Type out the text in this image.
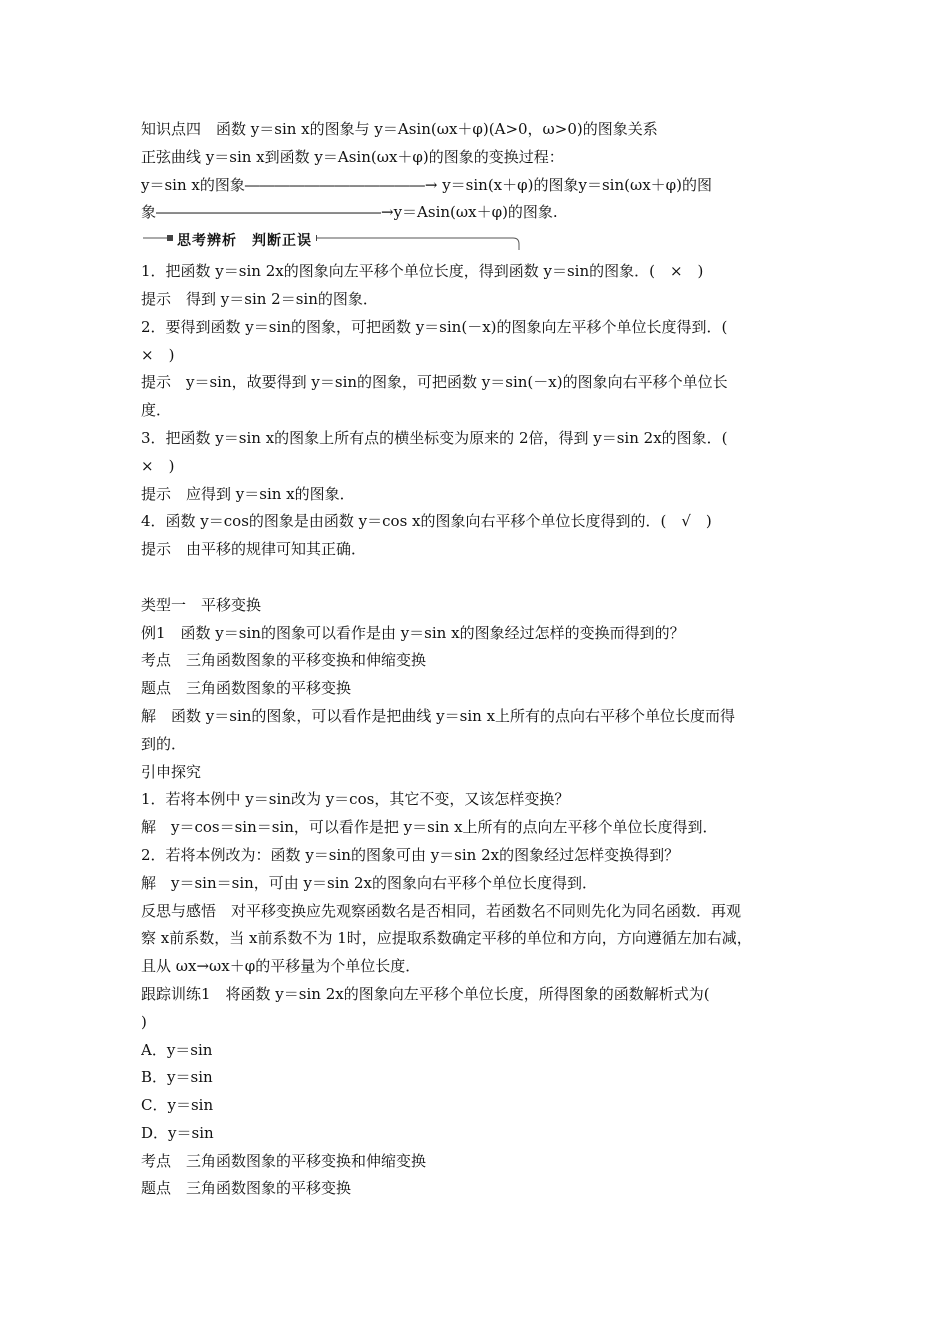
知识点四　函数 y＝sin x的图象与 y＝Asin(ωx＋φ)(A>0，ω>0)的图象关系
正弦曲线 y＝sin x到函数 y＝Asin(ωx＋φ)的图象的变换过程：
y＝sin x的图象――――――――――――→ y＝sin(x＋φ)的图象y＝sin(ωx＋φ)的图
象―――――――――――――――→y＝Asin(ωx＋φ)的图象.
思考辨析　判断正误
1．把函数 y＝sin 2x的图象向左平移个单位长度，得到函数 y＝sin的图象．(　×　)
提示　得到 y＝sin 2＝sin的图象．
2．要得到函数 y＝sin的图象，可把函数 y＝sin(－x)的图象向左平移个单位长度得到．(
×　)
提示　y＝sin，故要得到 y＝sin的图象，可把函数 y＝sin(－x)的图象向右平移个单位长
度．
3．把函数 y＝sin x的图象上所有点的横坐标变为原来的 2倍，得到 y＝sin 2x的图象．(
×　)
提示　应得到 y＝sin x的图象．
4．函数 y＝cos的图象是由函数 y＝cos x的图象向右平移个单位长度得到的．(　√　)
提示　由平移的规律可知其正确．
类型一　平移变换
例1　函数 y＝sin的图象可以看作是由 y＝sin x的图象经过怎样的变换而得到的？
考点　三角函数图象的平移变换和伸缩变换
题点　三角函数图象的平移变换
解　函数 y＝sin的图象，可以看作是把曲线 y＝sin x上所有的点向右平移个单位长度而得
到的．
引申探究
1．若将本例中 y＝sin改为 y＝cos，其它不变，又该怎样变换？
解　y＝cos＝sin＝sin，可以看作是把 y＝sin x上所有的点向左平移个单位长度得到．
2．若将本例改为：函数 y＝sin的图象可由 y＝sin 2x的图象经过怎样变换得到？
解　y＝sin＝sin，可由 y＝sin 2x的图象向右平移个单位长度得到．
反思与感悟　对平移变换应先观察函数名是否相同，若函数名不同则先化为同名函数．再观
察 x前系数，当 x前系数不为 1时，应提取系数确定平移的单位和方向，方向遵循左加右减，
且从 ωx→ωx＋φ的平移量为个单位长度．
跟踪训练1　将函数 y＝sin 2x的图象向左平移个单位长度，所得图象的函数解析式为(
)
A．y＝sin
B．y＝sin
C．y＝sin
D．y＝sin
考点　三角函数图象的平移变换和伸缩变换
题点　三角函数图象的平移变换
